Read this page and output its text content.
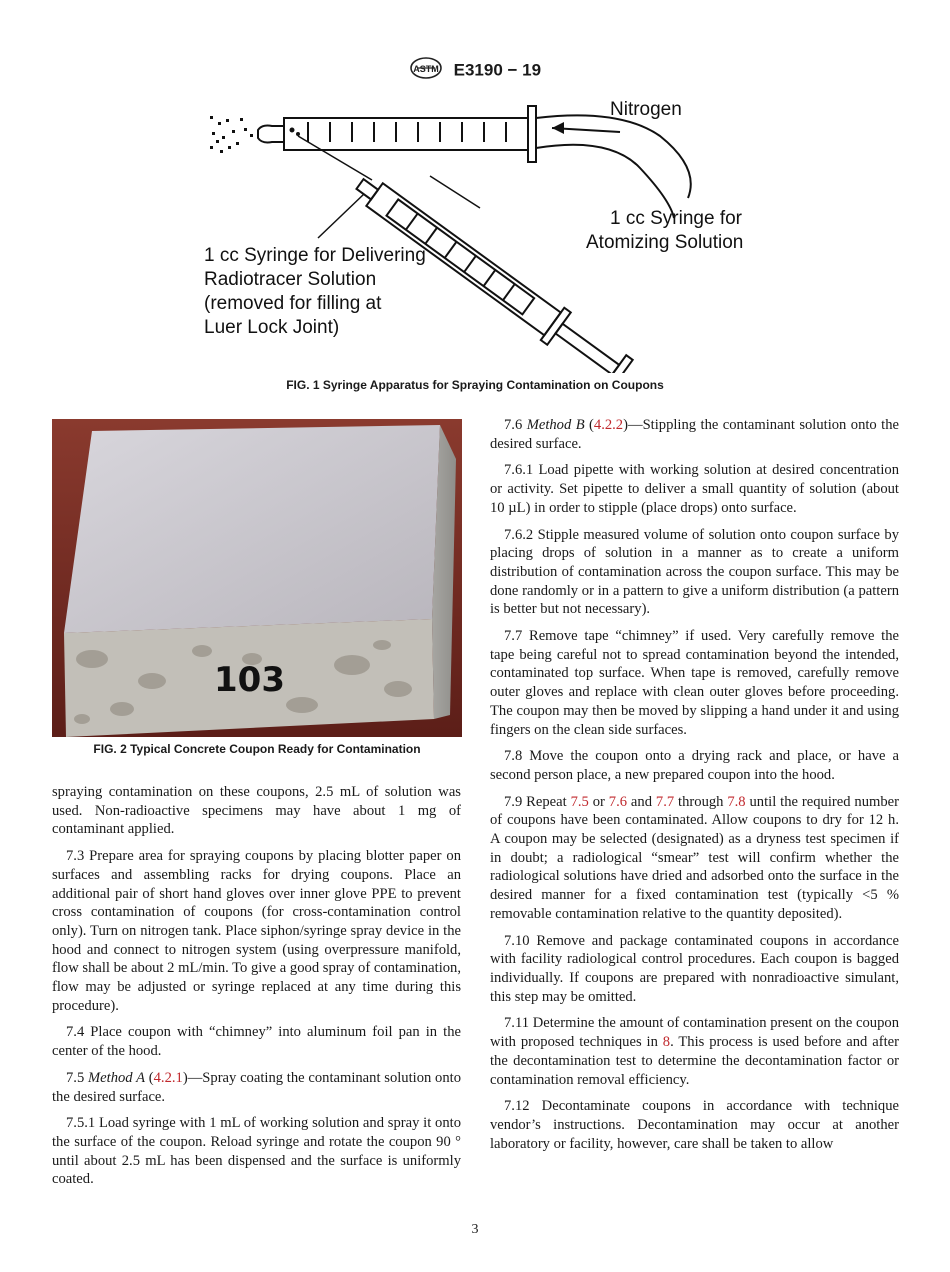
ASTM E3190 − 19
Nitrogen
1 cc Syringe for
Atomizing Solution
1 cc Syringe for Delivering
Radiotracer Solution
(removed for filling at
Luer Lock Joint)
FIG. 1 Syringe Apparatus for Spraying Contamination on Coupons
103
FIG. 2 Typical Concrete Coupon Ready for Contamination

spraying contamination on these coupons, 2.5 mL of solution was used. Non-radioactive specimens may have about 1 mg of contaminant applied.

7.3 Prepare area for spraying coupons by placing blotter paper on surfaces and assembling racks for drying coupons. Place an additional pair of short hand gloves over inner glove PPE to prevent cross contamination of coupons (for cross-contamination control only). Turn on nitrogen tank. Place siphon/syringe spray device in the hood and connect to nitrogen system (using overpressure manifold, flow shall be about 2 mL/min. To give a good spray of contamination, flow may be adjusted or syringe replaced at any time during this procedure).

7.4 Place coupon with “chimney” into aluminum foil pan in the center of the hood.

7.5 Method A (4.2.1)—Spray coating the contaminant solution onto the desired surface.

7.5.1 Load syringe with 1 mL of working solution and spray it onto the surface of the coupon. Reload syringe and rotate the coupon 90 ° until about 2.5 mL has been dispensed and the surface is uniformly coated.

7.6 Method B (4.2.2)—Stippling the contaminant solution onto the desired surface.

7.6.1 Load pipette with working solution at desired concentration or activity. Set pipette to deliver a small quantity of solution (about 10 µL) in order to stipple (place drops) onto surface.

7.6.2 Stipple measured volume of solution onto coupon surface by placing drops of solution in a manner as to create a uniform distribution of contamination across the coupon surface. This may be done randomly or in a pattern to give a uniform distribution (a pattern is better but not necessary).

7.7 Remove tape “chimney” if used. Very carefully remove the tape being careful not to spread contamination beyond the intended, contaminated top surface. When tape is removed, carefully remove outer gloves and replace with clean outer gloves before proceeding. The coupon may then be moved by slipping a hand under it and using fingers on the clean side surfaces.

7.8 Move the coupon onto a drying rack and place, or have a second person place, a new prepared coupon into the hood.

7.9 Repeat 7.5 or 7.6 and 7.7 through 7.8 until the required number of coupons have been contaminated. Allow coupons to dry for 12 h. A coupon may be selected (designated) as a dryness test specimen if in doubt; a radiological “smear” test will confirm whether the radiological solutions have dried and adsorbed onto the surface in the desired manner for a fixed contamination test (typically <5 % removable contamination relative to the quantity deposited).

7.10 Remove and package contaminated coupons in accordance with facility radiological control procedures. Each coupon is bagged individually. If coupons are prepared with nonradioactive simulant, this step may be omitted.

7.11 Determine the amount of contamination present on the coupon with proposed techniques in 8. This process is used before and after the decontamination test to determine the decontamination factor or contamination removal efficiency.

7.12 Decontaminate coupons in accordance with technique vendor’s instructions. Decontamination may occur at another laboratory or facility, however, care shall be taken to allow

3
